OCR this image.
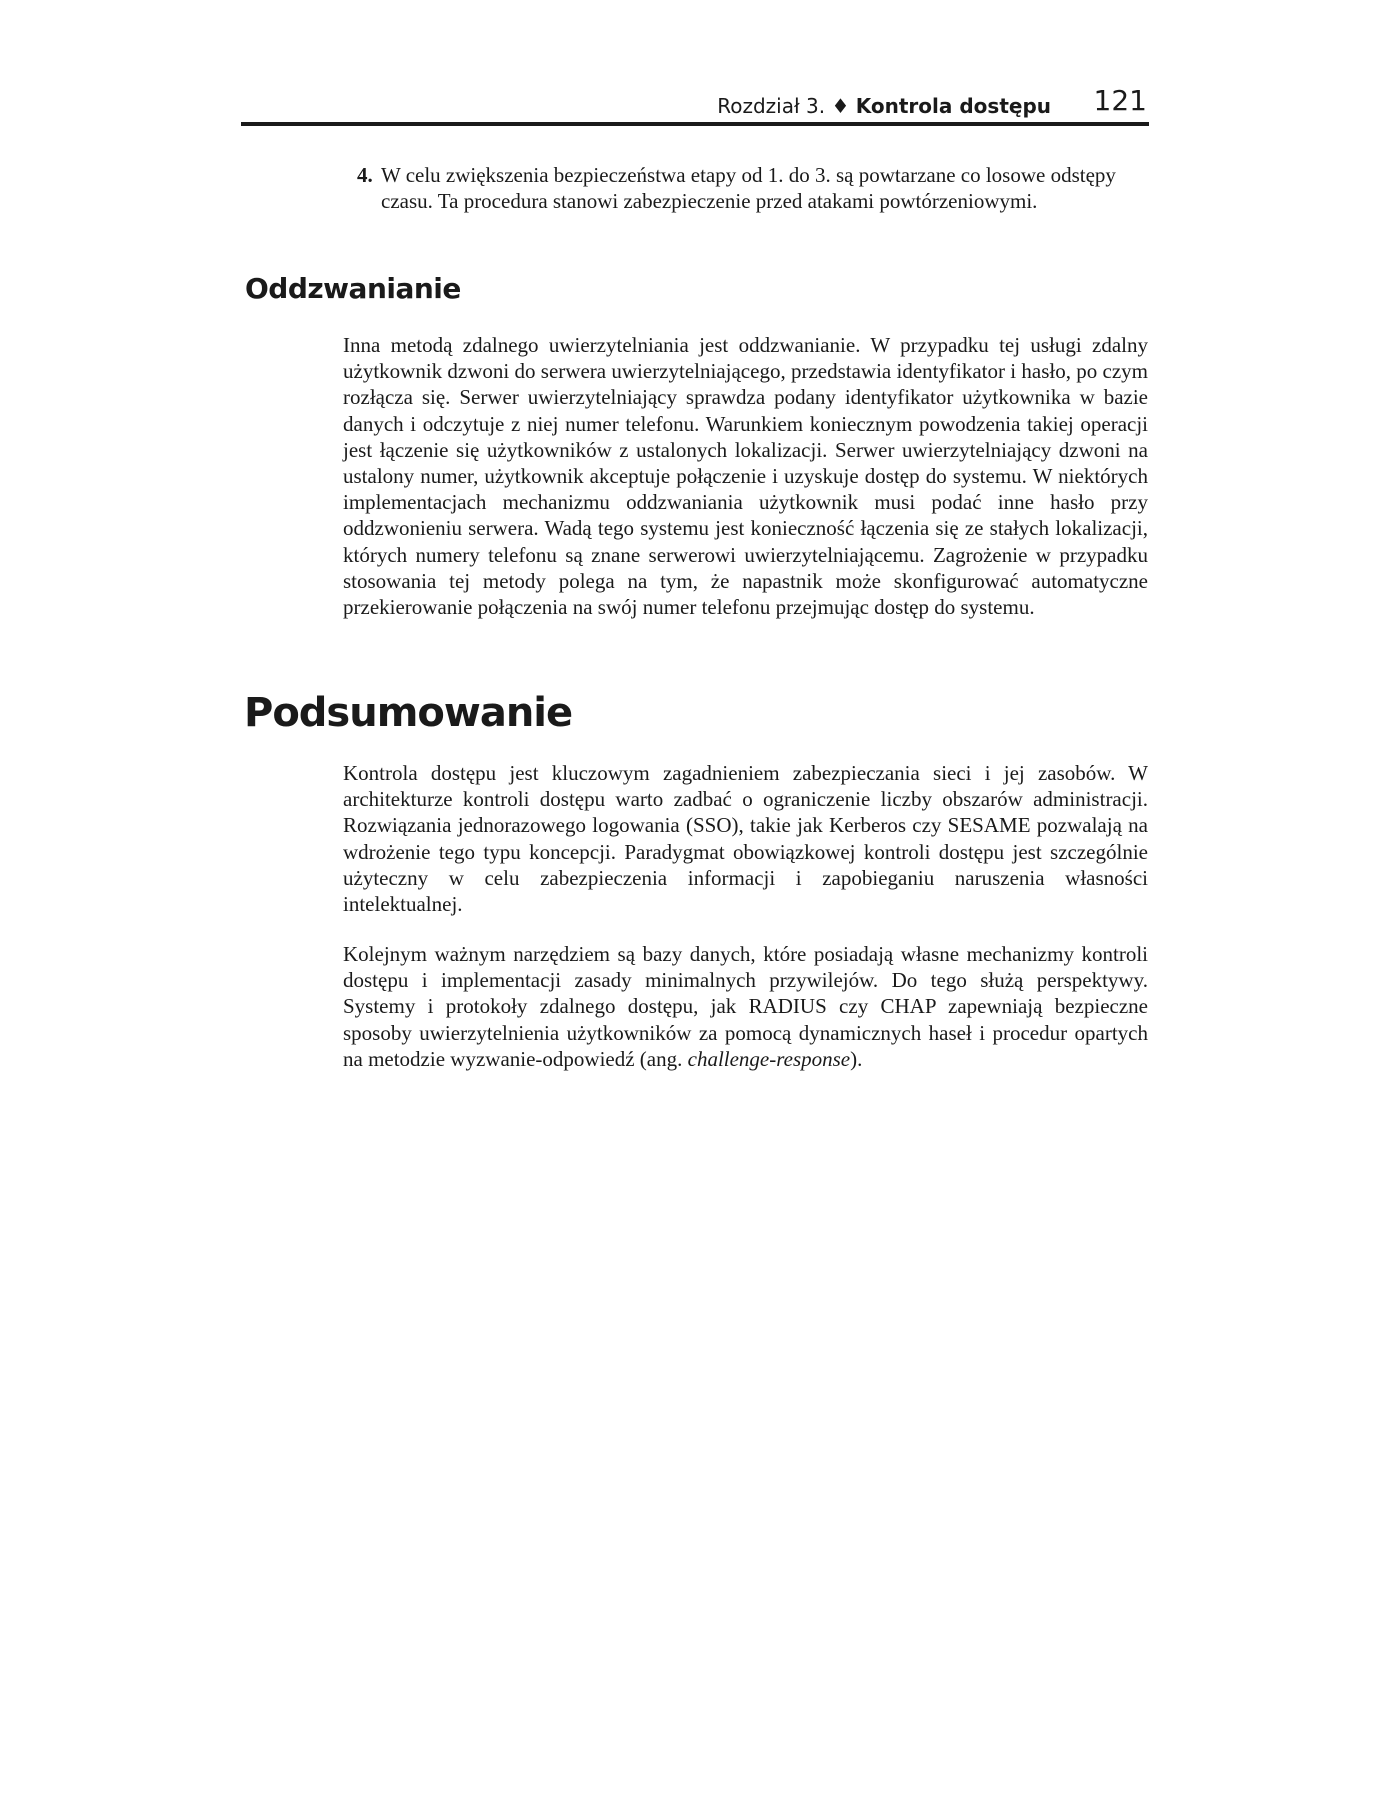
Rozdział 3. ♦ Kontrola dostępu 121
4. W celu zwiększenia bezpieczeństwa etapy od 1. do 3. są powtarzane co losowe odstępy czasu. Ta procedura stanowi zabezpieczenie przed atakami powtórzeniowymi.
Oddzwanianie

Inna metodą zdalnego uwierzytelniania jest oddzwanianie. W przypadku tej usługi zdalny użytkownik dzwoni do serwera uwierzytelniającego, przedstawia identyfikator i hasło, po czym rozłącza się. Serwer uwierzytelniający sprawdza podany identyfikator użytkownika w bazie danych i odczytuje z niej numer telefonu. Warunkiem koniecznym powodzenia takiej operacji jest łączenie się użytkowników z ustalonych lokalizacji. Serwer uwierzytelniający dzwoni na ustalony numer, użytkownik akceptuje połączenie i uzyskuje dostęp do systemu. W niektórych implementacjach mechanizmu oddzwaniania użytkownik musi podać inne hasło przy oddzwonieniu serwera. Wadą tego systemu jest konieczność łączenia się ze stałych lokalizacji, których numery telefonu są znane serwerowi uwierzytelniającemu. Zagrożenie w przypadku stosowania tej metody polega na tym, że napastnik może skonfigurować automatyczne przekierowanie połączenia na swój numer telefonu przejmując dostęp do systemu.

Podsumowanie

Kontrola dostępu jest kluczowym zagadnieniem zabezpieczania sieci i jej zasobów. W architekturze kontroli dostępu warto zadbać o ograniczenie liczby obszarów administracji. Rozwiązania jednorazowego logowania (SSO), takie jak Kerberos czy SESAME pozwalają na wdrożenie tego typu koncepcji. Paradygmat obowiązkowej kontroli dostępu jest szczególnie użyteczny w celu zabezpieczenia informacji i zapobieganiu naruszenia własności intelektualnej.

Kolejnym ważnym narzędziem są bazy danych, które posiadają własne mechanizmy kontroli dostępu i implementacji zasady minimalnych przywilejów. Do tego służą perspektywy. Systemy i protokoły zdalnego dostępu, jak RADIUS czy CHAP zapewniają bezpieczne sposoby uwierzytelnienia użytkowników za pomocą dynamicznych haseł i procedur opartych na metodzie wyzwanie-odpowiedź (ang. challenge-response).
